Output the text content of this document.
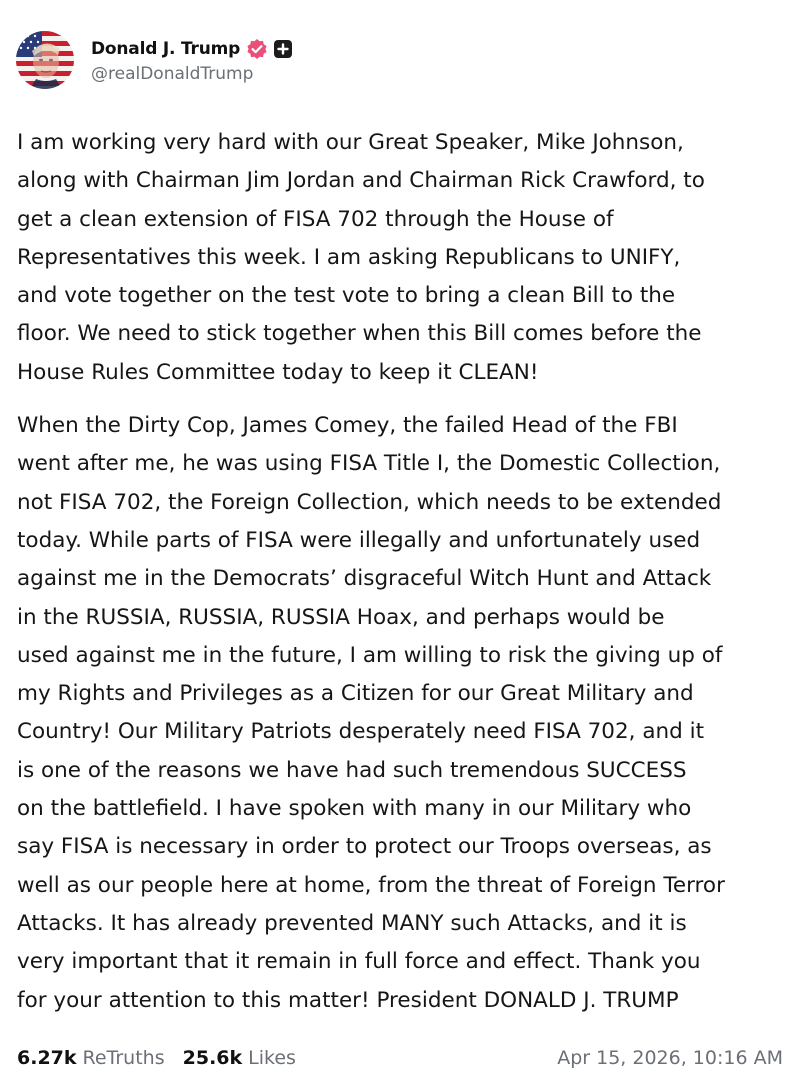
Donald J. Trump
@realDonaldTrump

I am working very hard with our Great Speaker, Mike Johnson,
along with Chairman Jim Jordan and Chairman Rick Crawford, to
get a clean extension of FISA 702 through the House of
Representatives this week. I am asking Republicans to UNIFY,
and vote together on the test vote to bring a clean Bill to the
floor. We need to stick together when this Bill comes before the
House Rules Committee today to keep it CLEAN!

When the Dirty Cop, James Comey, the failed Head of the FBI
went after me, he was using FISA Title I, the Domestic Collection,
not FISA 702, the Foreign Collection, which needs to be extended
today. While parts of FISA were illegally and unfortunately used
against me in the Democrats’ disgraceful Witch Hunt and Attack
in the RUSSIA, RUSSIA, RUSSIA Hoax, and perhaps would be
used against me in the future, I am willing to risk the giving up of
my Rights and Privileges as a Citizen for our Great Military and
Country! Our Military Patriots desperately need FISA 702, and it
is one of the reasons we have had such tremendous SUCCESS
on the battlefield. I have spoken with many in our Military who
say FISA is necessary in order to protect our Troops overseas, as
well as our people here at home, from the threat of Foreign Terror
Attacks. It has already prevented MANY such Attacks, and it is
very important that it remain in full force and effect. Thank you
for your attention to this matter! President DONALD J. TRUMP

6.27k ReTruths 25.6k Likes	Apr 15, 2026, 10:16 AM
